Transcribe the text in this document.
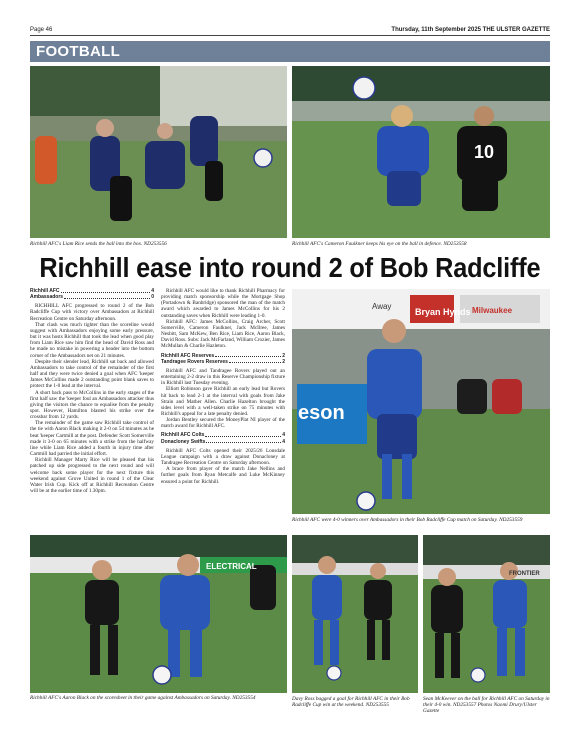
Page 46	Thursday, 11th September 2025 THE ULSTER GAZETTE
FOOTBALL
Richhill AFC's Liam Rice sends the ball into the box. ND253556
10
Richhill AFC's Cameron Faulkner keeps his eye on the ball in defence. ND253558
Richhill ease into round 2 of Bob Radcliffe
Richhill AFC	4
Ambassadors	0

RICHHILL AFC progressed to round 2 of the Bob Radcliffe Cup with victory over Ambassadors at Richhill Recreation Centre on Saturday afternoon.

That clash was much tighter than the scoreline would suggest with Ambassadors enjoying some early pressure, but it was hosts Richhill that took the lead when good play from Liam Rice saw him find the head of David Ross and he made no mistake in powering a header into the bottom corner of the Ambassadors net on 21 minutes.

Despite their slender lead, Richhill sat back and allowed Ambassadors to take control of the remainder of the first half and they were twice denied a goal when AFC 'keeper James McCollins made 2 outstanding point blank saves to protect the 1-0 lead at the interval.

A short back pass to McCollins in the early stages of the first half saw the 'keeper foul an Ambassadors attacker thus giving the visitors the chance to equalise from the penalty spot. However, Hamilton blasted his strike over the crossbar from 12 yards.

The remainder of the game saw Richhill take control of the tie with Aaron Black making it 2-0 on 54 minutes as he beat 'keeper Cartmill at the post. Defender Scott Somerville made it 3-0 on 65 minutes with a strike from the halfway line while Liam Rice added a fourth in injury time after Cartmill had parried the initial effort.

Richhill Manager Marty Rice will be pleased that his patched up side progressed to the next round and will welcome back some player for the next fixture this weekend against Grove United in round 1 of the Clear Water Irish Cup. Kick off at Richhill Recreation Centre will be at the earlier time of 1.30pm.

Richhill AFC would like to thank Richhill Pharmacy for providing match sponsorship while the Mortgage Shop (Portadown & Banbridge) sponsored the man of the match award which awarded to James McCollins for his 2 outstanding saves when Richhill were leading 1-0.

Richhill AFC: James McCollins, Craig Archer, Scott Somerville, Cameron Faulkner, Jack McIlree, James Nesbitt, Sam McKew, Ben Rice, Liam Rice, Aaron Black, David Ross. Subs: Jack McFarland, William Crozier, James McMullan & Charlie Hazleton.

Richhill AFC Reserves	2
Tandragee Rovers Reserves	2

Richhill AFC and Tandragee Rovers played out an entertaining 2-2 draw in this Reserve Championship fixture in Richhill last Tuesday evening.

Elliott Robinson gave Richhill an early lead but Rovers hit back to lead 2-1 at the interval with goals from Jake Strain and Mather Allen. Charlie Hazelton brought the sides level with a well-taken strike on 75 minutes with Richhill's appeal for a late penalty denied.

Jordan Bentley secured the MoneyPlat NI player of the match award for Richhill AFC.

Richhill AFC Colts	4
Donacloney Swifts	4

Richhill AFC Colts opened their 2025/26 Lonsdale League campaign with a draw against Donacloney at Tandragee Recreation Centre on Saturday afternoon.

A brace from player of the match Jake Nellins and further goals from Ryan Metcalfe and Luke McKinney ensured a point for Richhill.

Bryan Hynds Milwaukee
Away
eson
Richhill AFC were 4-0 winners over Ambassadors in their Bob Radcliffe Cup match on Saturday. ND253559
ELECTRICAL
Richhill AFC's Aaron Black on the scoresheet in their game against Ambassadors on Saturday. ND253554	Davy Ross bagged a goal for Richhill AFC in their Bob Radcliffe Cup win at the weekend. ND253555
FRONTIER
Sean McKeever on the ball for Richhill AFC on Saturday in their 4-0 win. ND253557 Photos Naomi Drury/Ulster Gazette
